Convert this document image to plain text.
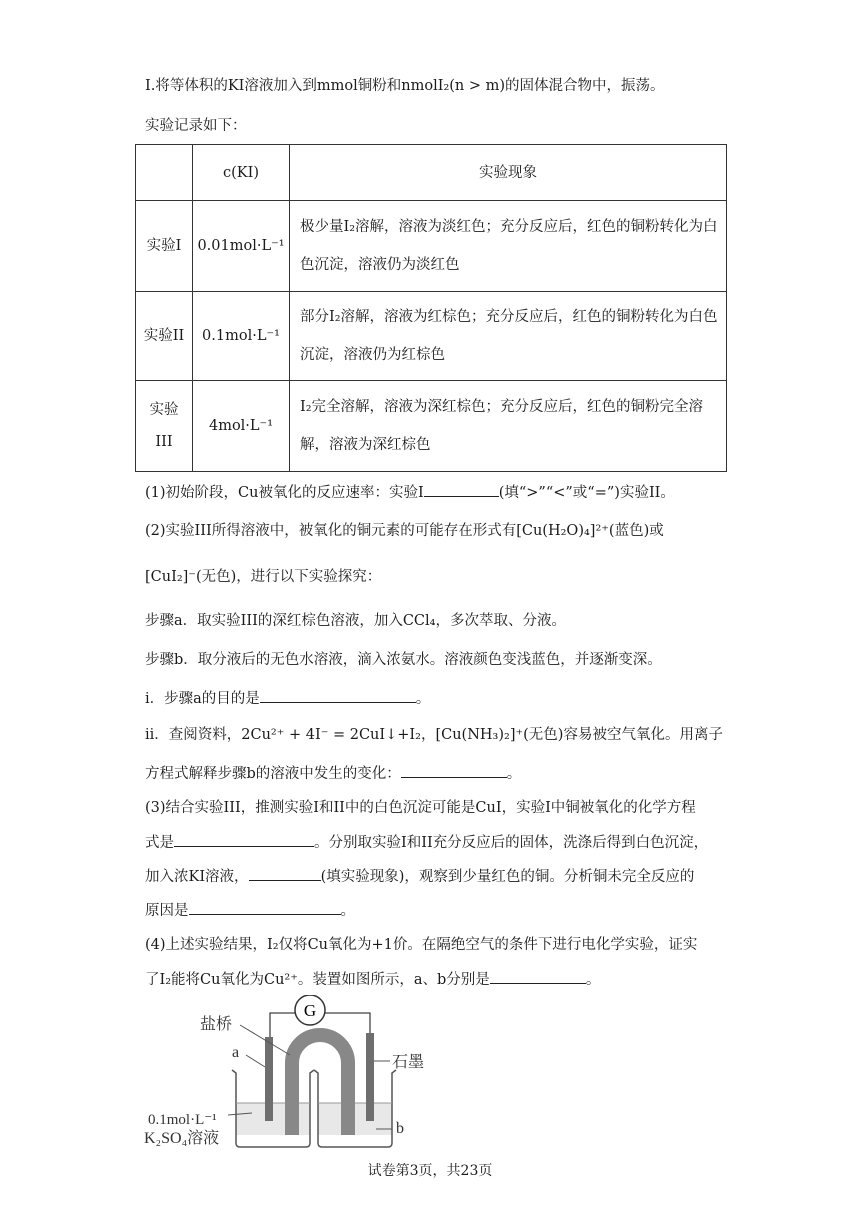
I.将等体积的KI溶液加入到mmol铜粉和nmolI₂(n > m)的固体混合物中，振荡。
实验记录如下：
	c(KI)	实验现象
实验I	0.01mol·L⁻¹	极少量I₂溶解，溶液为淡红色；充分反应后，红色的铜粉转化为白色沉淀，溶液仍为淡红色
实验II	0.1mol·L⁻¹	部分I₂溶解，溶液为红棕色；充分反应后，红色的铜粉转化为白色沉淀，溶液仍为红棕色
实验III	4mol·L⁻¹	I₂完全溶解，溶液为深红棕色；充分反应后，红色的铜粉完全溶解，溶液为深红棕色
(1)初始阶段，Cu被氧化的反应速率：实验I	(填“>”“<”或“=”)实验II。
(2)实验III所得溶液中，被氧化的铜元素的可能存在形式有[Cu(H₂O)₄]²⁺(蓝色)或
[CuI₂]⁻(无色)，进行以下实验探究：
步骤a．取实验III的深红棕色溶液，加入CCl₄，多次萃取、分液。
步骤b．取分液后的无色水溶液，滴入浓氨水。溶液颜色变浅蓝色，并逐渐变深。
i．步骤a的目的是	。
ii．查阅资料，2Cu²⁺ + 4I⁻ = 2CuI↓+I₂，[Cu(NH₃)₂]⁺(无色)容易被空气氧化。用离子
方程式解释步骤b的溶液中发生的变化：	。
(3)结合实验III，推测实验I和II中的白色沉淀可能是CuI，实验I中铜被氧化的化学方程
式是	。分别取实验I和II充分反应后的固体，洗涤后得到白色沉淀，
加入浓KI溶液，	(填实验现象)，观察到少量红色的铜。分析铜未完全反应的
原因是	。
(4)上述实验结果，I₂仅将Cu氧化为+1价。在隔绝空气的条件下进行电化学实验，证实
了I₂能将Cu氧化为Cu²⁺。装置如图所示，a、b分别是	。
G
盐桥
a	石墨
b
0.1mol·L⁻¹
K₂SO₄溶液
试卷第3页，共23页
